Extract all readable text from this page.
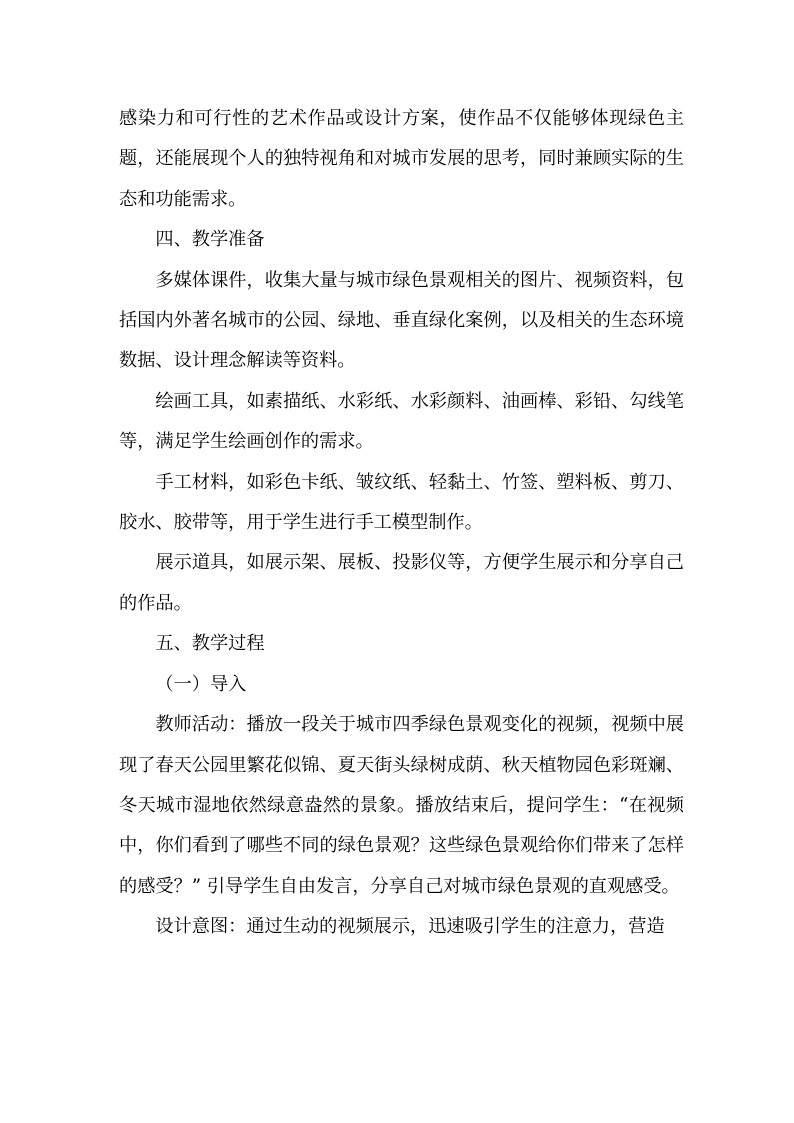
感染力和可行性的艺术作品或设计方案，使作品不仅能够体现绿色主题，还能展现个人的独特视角和对城市发展的思考，同时兼顾实际的生态和功能需求。

四、教学准备

多媒体课件，收集大量与城市绿色景观相关的图片、视频资料，包括国内外著名城市的公园、绿地、垂直绿化案例，以及相关的生态环境数据、设计理念解读等资料。

绘画工具，如素描纸、水彩纸、水彩颜料、油画棒、彩铅、勾线笔等，满足学生绘画创作的需求。

手工材料，如彩色卡纸、皱纹纸、轻黏土、竹签、塑料板、剪刀、胶水、胶带等，用于学生进行手工模型制作。

展示道具，如展示架、展板、投影仪等，方便学生展示和分享自己的作品。

五、教学过程

（一）导入

教师活动：播放一段关于城市四季绿色景观变化的视频，视频中展现了春天公园里繁花似锦、夏天街头绿树成荫、秋天植物园色彩斑斓、冬天城市湿地依然绿意盎然的景象。播放结束后，提问学生：“在视频中，你们看到了哪些不同的绿色景观？这些绿色景观给你们带来了怎样的感受？” 引导学生自由发言，分享自己对城市绿色景观的直观感受。

设计意图：通过生动的视频展示，迅速吸引学生的注意力，营造
